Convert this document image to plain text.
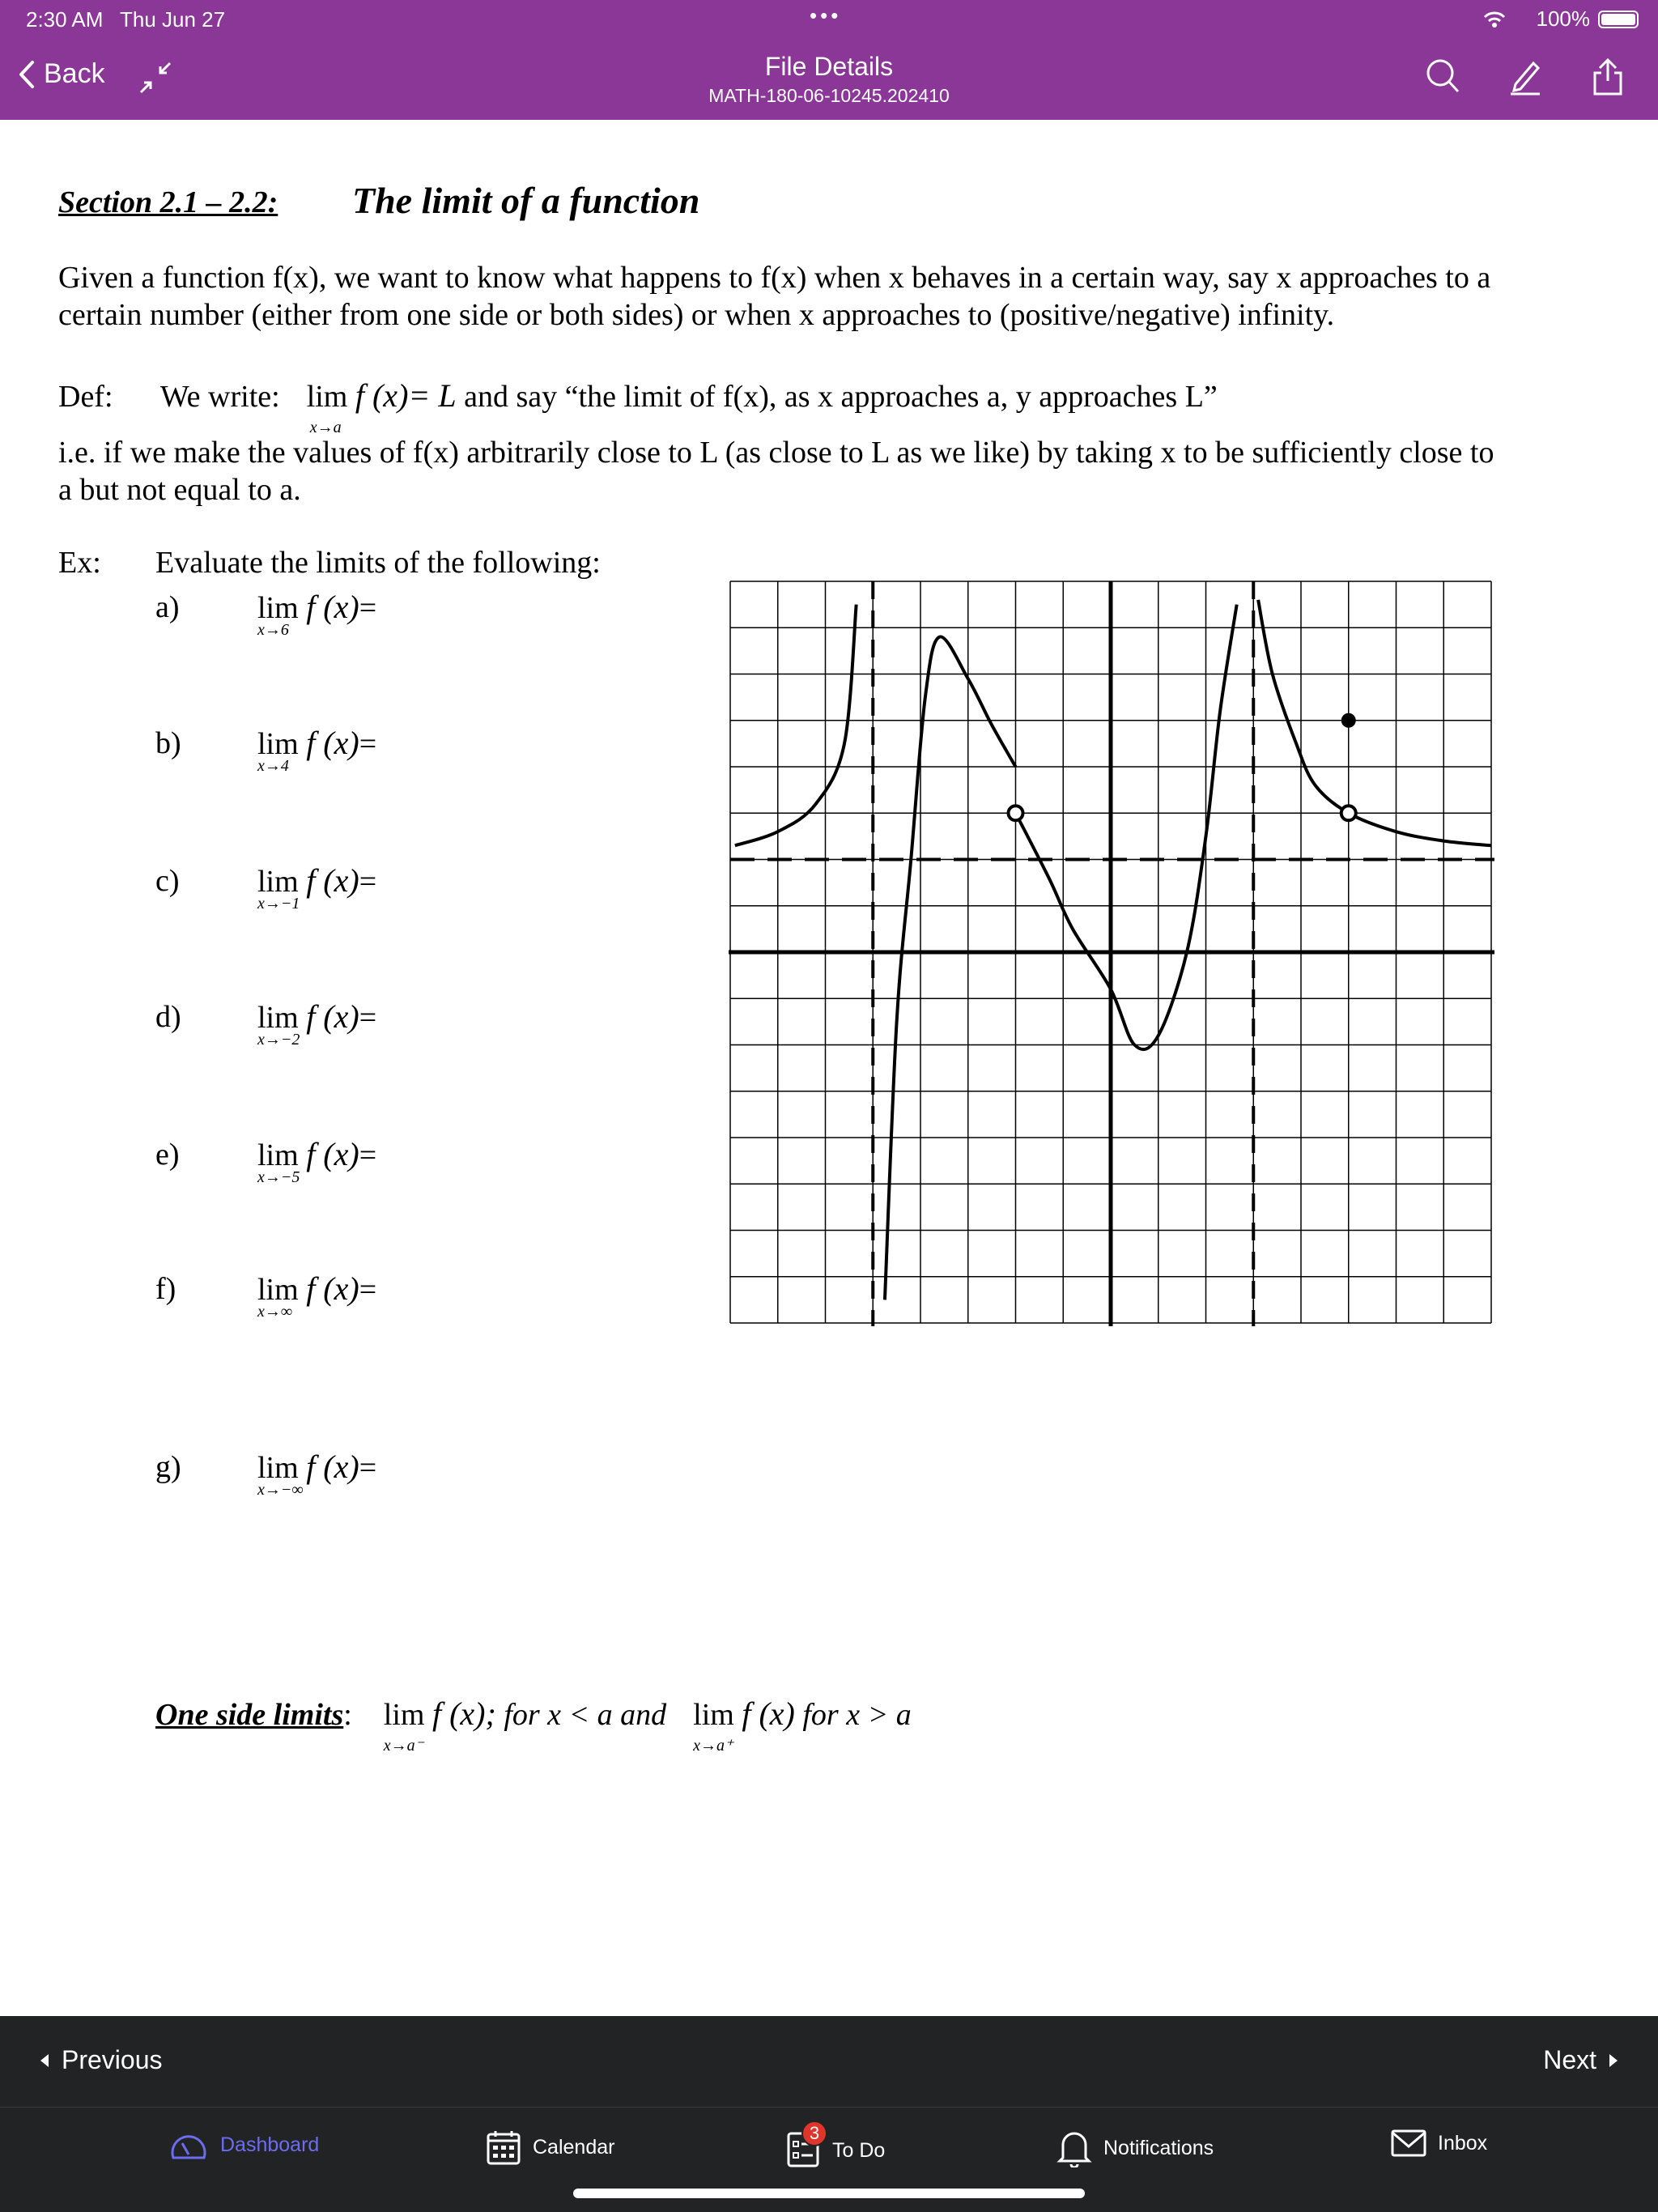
2:30 AM Thu Jun 27	•••	100%
Back	File Details
MATH-180-06-10245.202410
Section 2.1 – 2.2: The limit of a function
Given a function f(x), we want to know what happens to f(x) when x behaves in a certain way, say x approaches to a
certain number (either from one side or both sides) or when x approaches to (positive/negative) infinity.
Def: We write: lim
x→a
f (x)= L and say “the limit of f(x), as x approaches a, y approaches L”
i.e. if we make the values of f(x) arbitrarily close to L (as close to L as we like) by taking x to be sufficiently close to
a but not equal to a.
Ex: Evaluate the limits of the following:
a)	lim
x→6
f (x)=
b) lim
x→4
f (x)=
c)	lim
x→−1
f (x)=
d) lim
x→−2
f (x)=
e)	lim
x→−5
f (x)=
f)	lim
x→∞
f (x)=
g) lim
x→−∞
f (x)=
One side limits: lim
x→a⁻
f (x); for x < a and lim
x→a⁺
f (x) for x > a
Previous	Next
Dashboard	Calendar
3
To Do	Notifications	Inbox
